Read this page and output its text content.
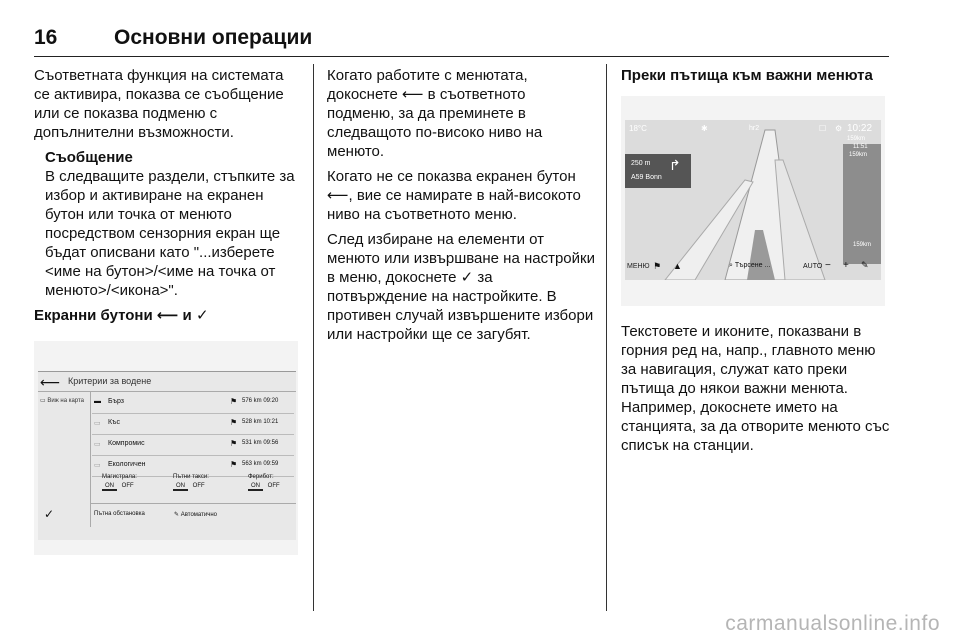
16	Основни операции

Съответната функция на системата се активира, показва се съобщение или се показва подменю с допълнителни възможности.

Съобщение

В следващите раздели, стъпките за избор и активиране на екранен бутон или точка от менюто посредством сензорния екран ще бъдат описвани като "...изберете <име на бутон>/<име на точка от менюто>/<икона>".

Екранни бутони ⟵ и ✓
⟵ Критерии за водене
▭ Виж на карта ▬ Бърз	⚑ 576 km 09:20
▭ Къс	⚑ 528 km 10:21
▭ Компромис	⚑ 531 km 09:56
▭ Екологичен	⚑ 563 km 09:59
Магистрала:
ON OFF
Пътни такси:
ON OFF
Ферибот:
ON OFF
✓	Пътна обстановка	✎ Автоматично

Когато работите с менютата, докоснете ⟵ в съответното подменю, за да преминете в следващото по-високо ниво на менюто.

Когато не се показва екранен бутон ⟵, вие се намирате в най-високото ниво на съответното меню.

След избиране на елементи от менюто или извършване на настройки в меню, докоснете ✓ за потвърждение на настройките. В противен случай извършените избори или настройки ще се загубят.

Преки пътища към важни менюта
18°C	✱	hr2	☐ ⚙ 10:22
159km
11:51
159km
159km
250 m
A59 Bonn
↱
МЕНЮ ⚑ ▲	⌕ Търсене ...	AUTO − + ✎

Текстовете и иконите, показвани в горния ред на, напр., главното меню за навигация, служат като преки пътища до някои важни менюта. Например, докоснете името на станцията, за да отворите менюто със списък на станции.

carmanualsonline.info
